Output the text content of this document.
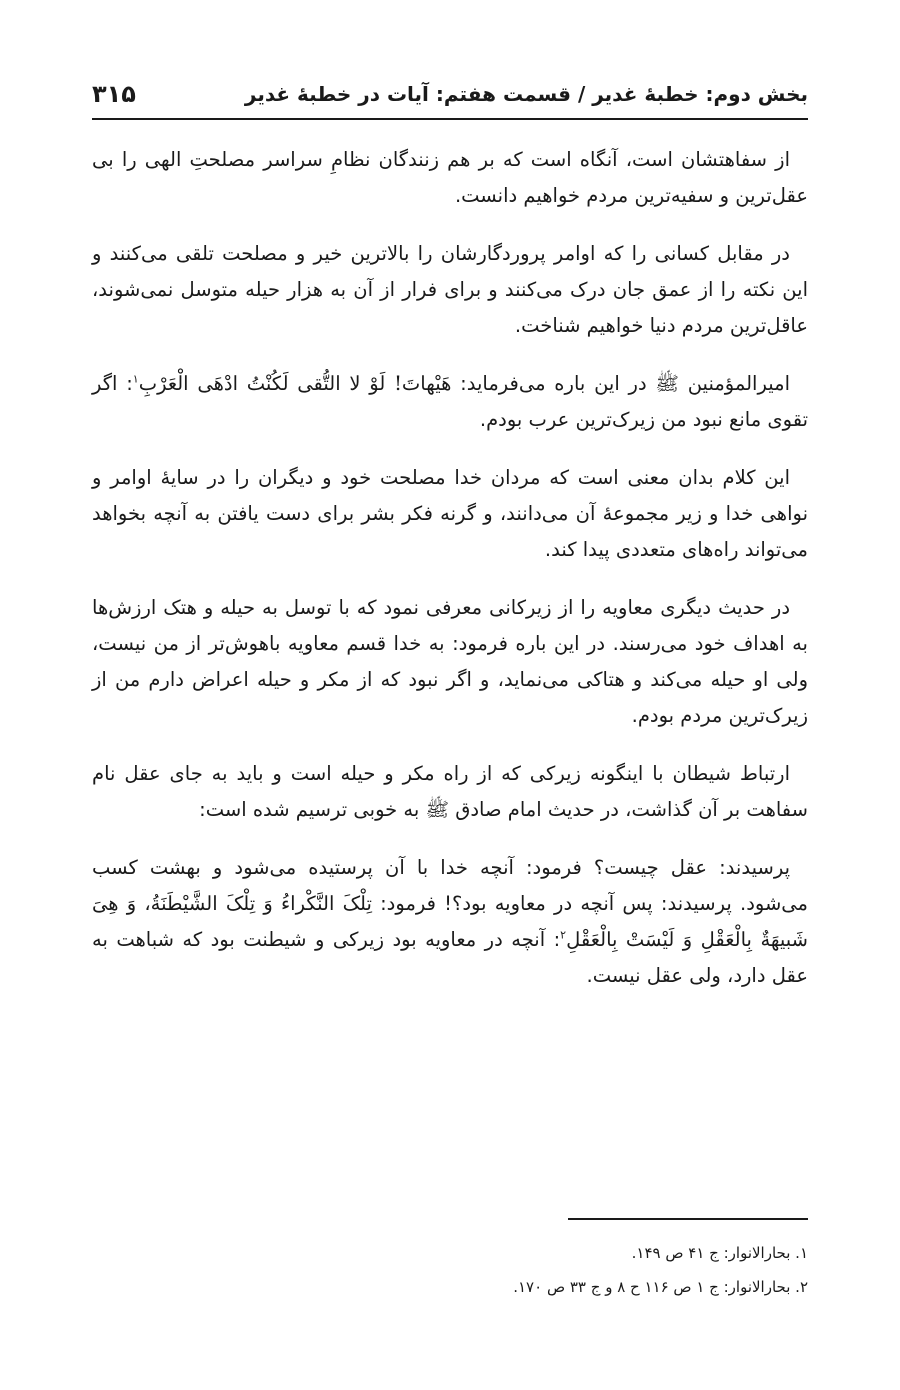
بخش دوم: خطبهٔ غدیر / قسمت هفتم: آیات در خطبهٔ غدیر
۳۱۵

از سفاهتشان است، آنگاه است که بر هم زنندگان نظامِ سراسر مصلحتِ الهی را بی عقل‌ترین و سفیه‌ترین مردم خواهیم دانست.

در مقابل کسانی را که اوامر پروردگارشان را بالاترین خیر و مصلحت تلقی می‌کنند و این نکته را از عمق جان درک می‌کنند و برای فرار از آن به هزار حیله متوسل نمی‌شوند، عاقل‌ترین مردم دنیا خواهیم شناخت.

امیرالمؤمنین ﷺ در این باره می‌فرماید: هَیْهاتَ! لَوْ لا التُّقی لَکُنْتُ ادْهَی الْعَرْبِ$^۱$: اگر تقوی مانع نبود من زیرک‌ترین عرب بودم.

این کلام بدان معنی است که مردان خدا مصلحت خود و دیگران را در سایهٔ اوامر و نواهی خدا و زیر مجموعهٔ آن می‌دانند، و گرنه فکر بشر برای دست یافتن به آنچه بخواهد می‌تواند راه‌های متعددی پیدا کند.

در حدیث دیگری معاویه را از زیرکانی معرفی نمود که با توسل به حیله و هتک ارزش‌ها به اهداف خود می‌رسند. در این باره فرمود: به خدا قسم معاویه باهوش‌تر از من نیست، ولی او حیله می‌کند و هتاکی می‌نماید، و اگر نبود که از مکر و حیله اعراض دارم من از زیرک‌ترین مردم بودم.

ارتباط شیطان با اینگونه زیرکی که از راه مکر و حیله است و باید به جای عقل نام سفاهت بر آن گذاشت، در حدیث امام صادق ﷺ به خوبی ترسیم شده است:

پرسیدند: عقل چیست؟ فرمود: آنچه خدا با آن پرستیده می‌شود و بهشت کسب می‌شود. پرسیدند: پس آنچه در معاویه بود؟! فرمود: تِلْکَ النَّکْراءُ وَ تِلْکَ الشَّیْطَنَةُ، وَ هِیَ شَبیهَةٌ بِالْعَقْلِ وَ لَیْسَتْ بِالْعَقْلِ$^۲$: آنچه در معاویه بود زیرکی و شیطنت بود که شباهت به عقل دارد، ولی عقل نیست.

۱. بحارالانوار: ج ۴۱ ص ۱۴۹.

۲. بحارالانوار: ج ۱ ص ۱۱۶ ح ۸ و ج ۳۳ ص ۱۷۰.
